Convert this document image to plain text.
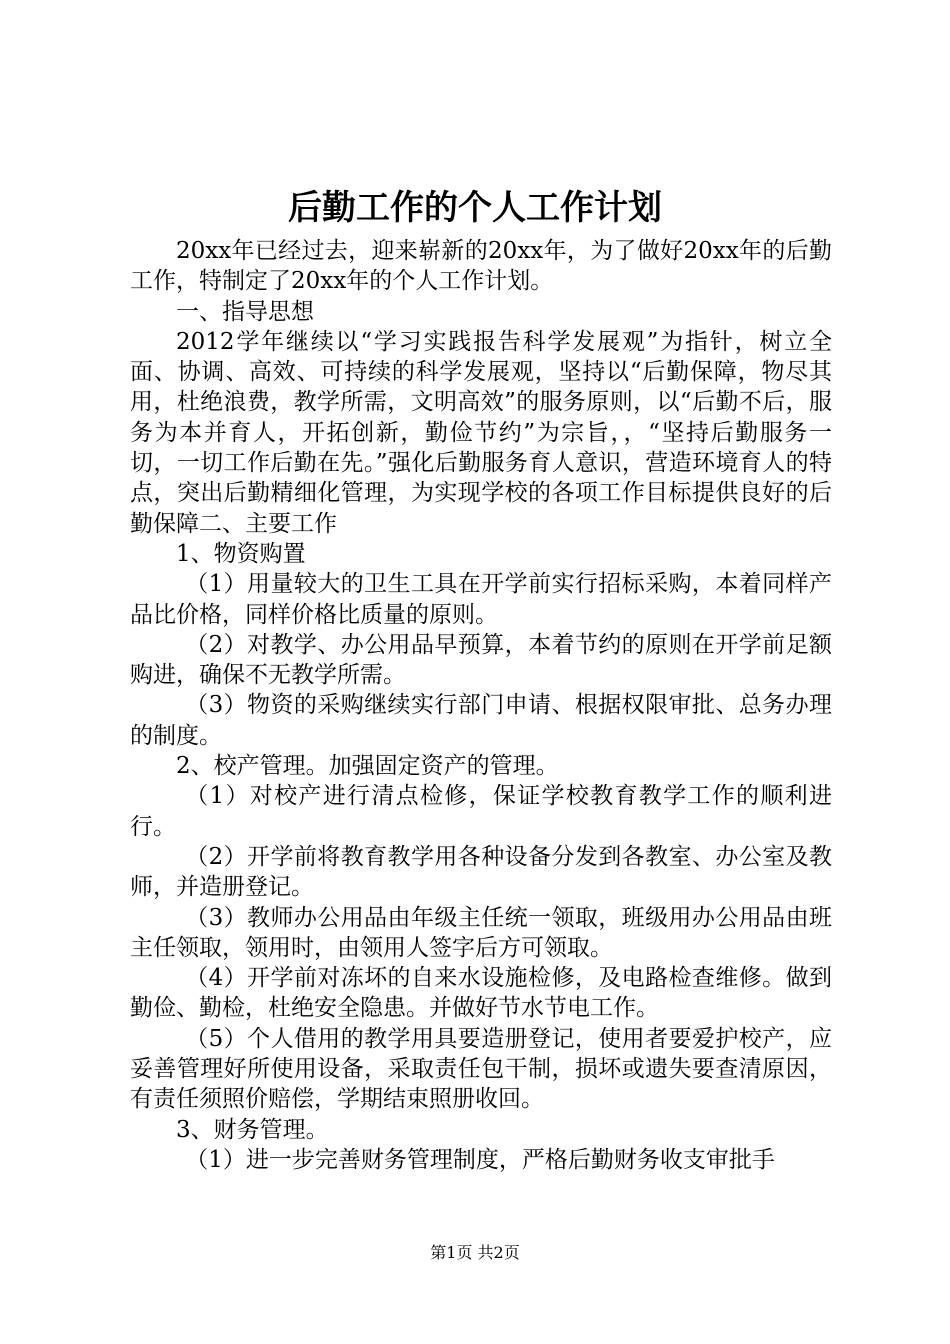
后勤工作的个人工作计划

20xx年已经过去，迎来崭新的20xx年，为了做好20xx年的后勤工作，特制定了20xx年的个人工作计划。

一、指导思想

2012学年继续以“学习实践报告科学发展观”为指针，树立全面、协调、高效、可持续的科学发展观，坚持以“后勤保障，物尽其用，杜绝浪费，教学所需，文明高效”的服务原则，以“后勤不后，服务为本并育人，开拓创新，勤俭节约”为宗旨，，“坚持后勤服务一切，一切工作后勤在先。”强化后勤服务育人意识，营造环境育人的特点，突出后勤精细化管理，为实现学校的各项工作目标提供良好的后勤保障二、主要工作

1、物资购置

（1）用量较大的卫生工具在开学前实行招标采购，本着同样产品比价格，同样价格比质量的原则。

（2）对教学、办公用品早预算，本着节约的原则在开学前足额购进，确保不无教学所需。

（3）物资的采购继续实行部门申请、根据权限审批、总务办理的制度。

2、校产管理。加强固定资产的管理。

（1）对校产进行清点检修，保证学校教育教学工作的顺利进行。

（2）开学前将教育教学用各种设备分发到各教室、办公室及教师，并造册登记。

（3）教师办公用品由年级主任统一领取，班级用办公用品由班主任领取，领用时，由领用人签字后方可领取。

（4）开学前对冻坏的自来水设施检修，及电路检查维修。做到勤俭、勤检，杜绝安全隐患。并做好节水节电工作。

（5）个人借用的教学用具要造册登记，使用者要爱护校产，应妥善管理好所使用设备，采取责任包干制，损坏或遗失要查清原因，有责任须照价赔偿，学期结束照册收回。

3、财务管理。

（1）进一步完善财务管理制度，严格后勤财务收支审批手

第1页 共2页
